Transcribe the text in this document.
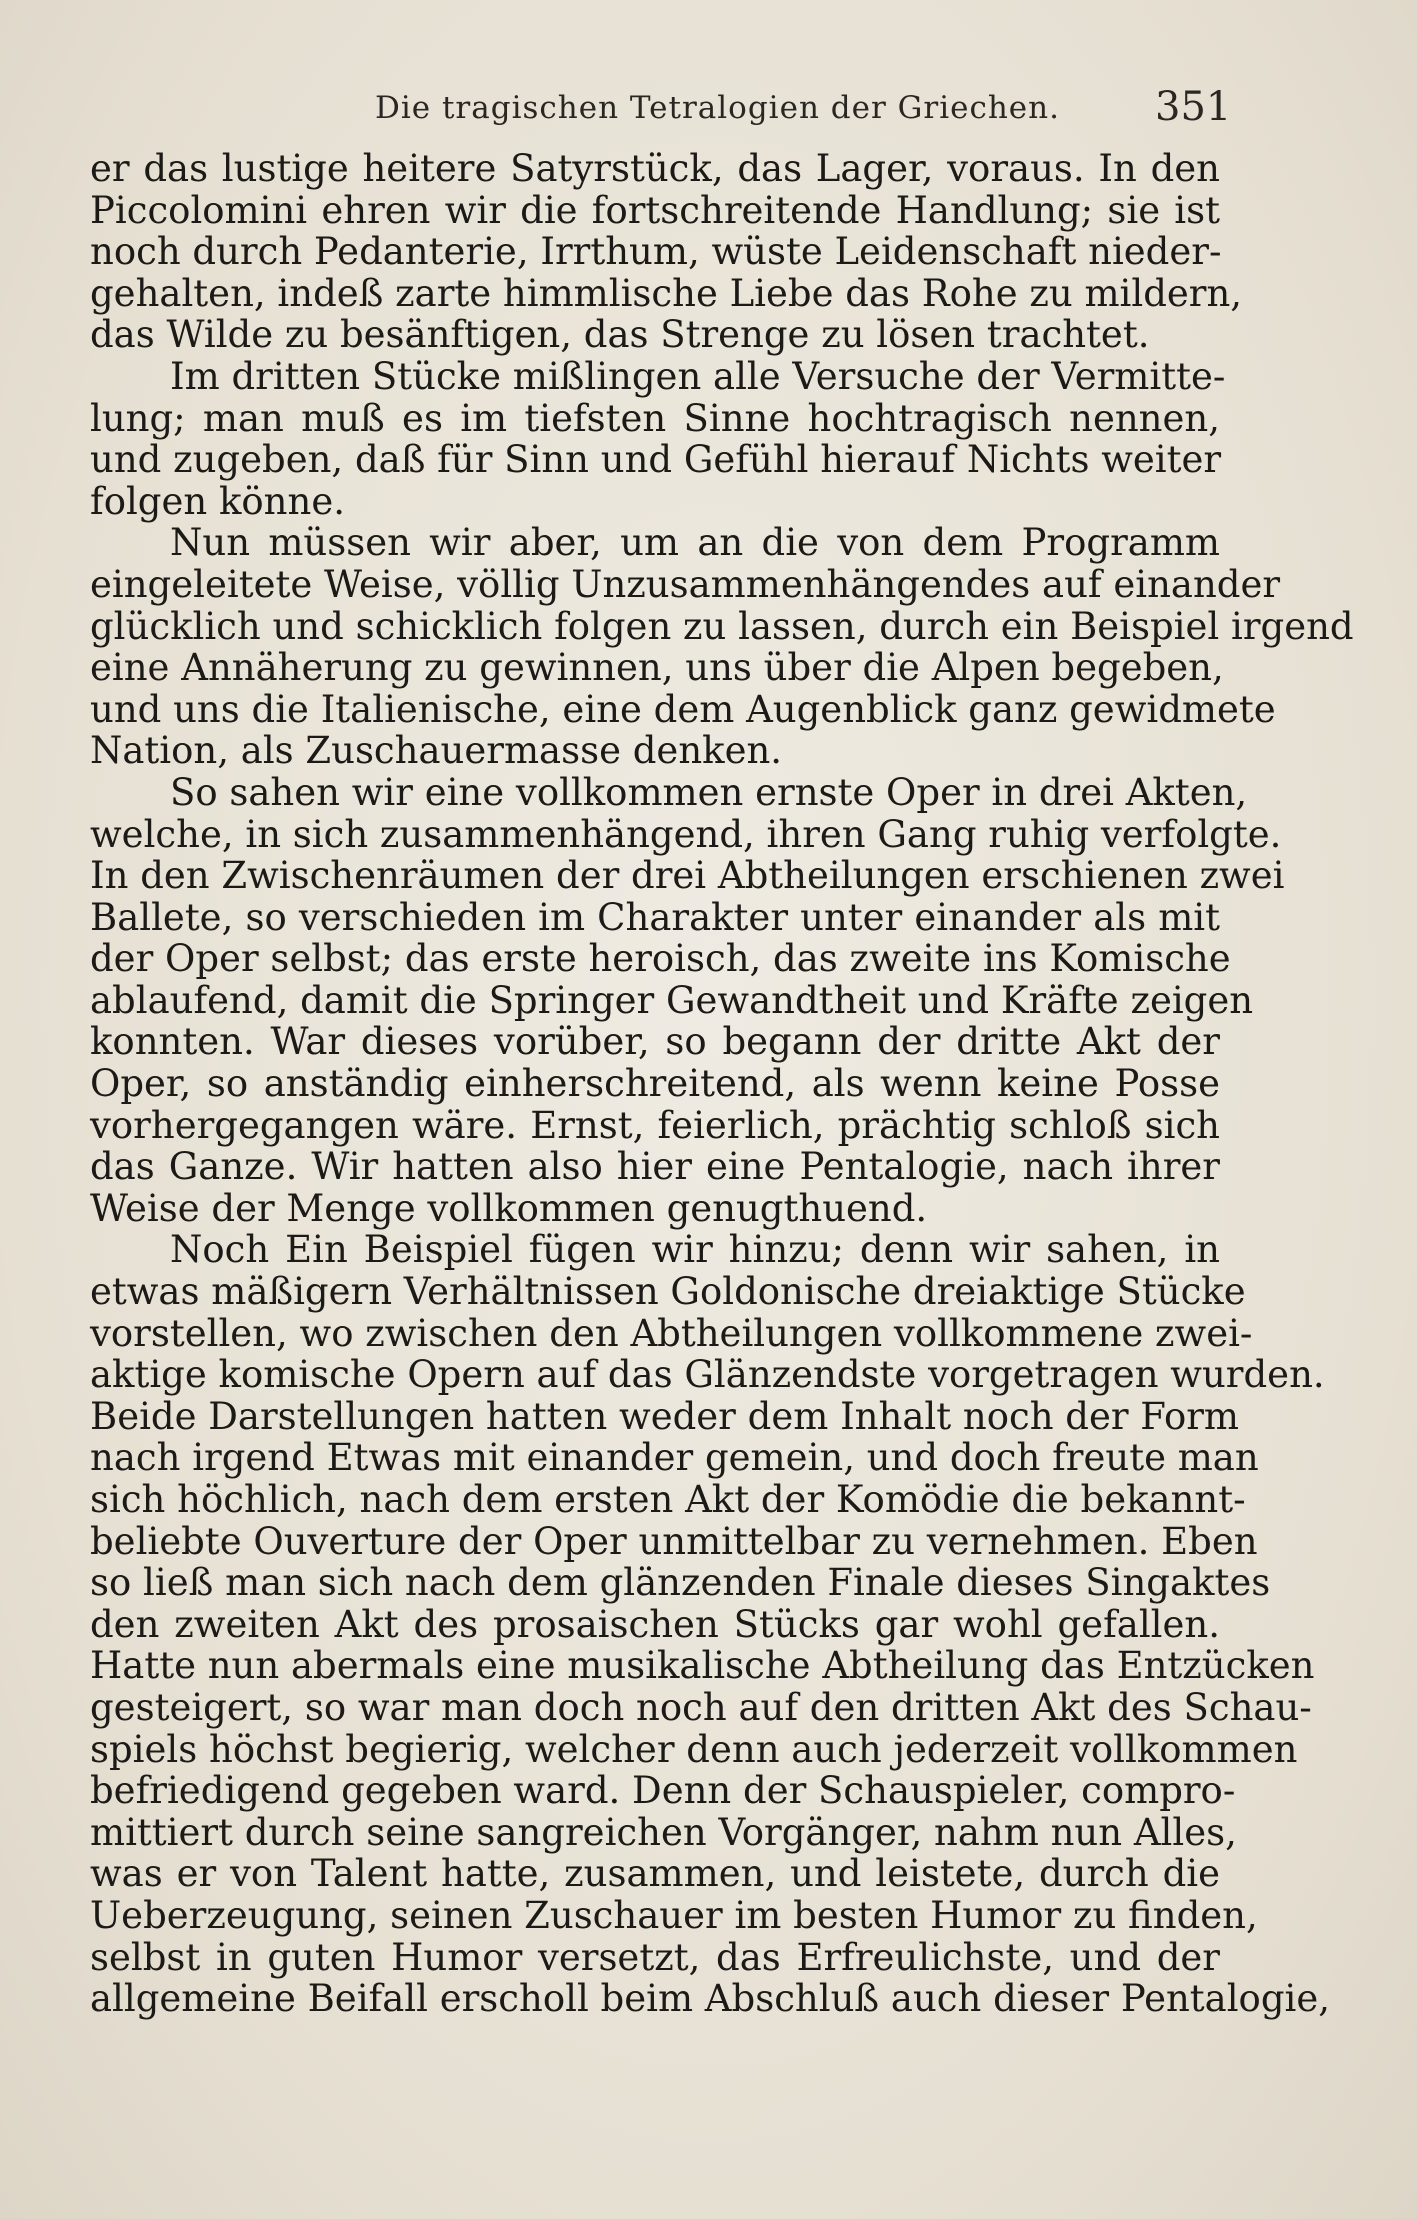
Die tragischen Tetralogien der Griechen. 351
er das lustige heitere Satyrstück, das Lager, voraus. In den
Piccolomini ehren wir die fortschreitende Handlung; sie ist
noch durch Pedanterie, Irrthum, wüste Leidenschaft nieder-
gehalten, indeß zarte himmlische Liebe das Rohe zu mildern,
das Wilde zu besänftigen, das Strenge zu lösen trachtet.
Im dritten Stücke mißlingen alle Versuche der Vermitte-
lung; man muß es im tiefsten Sinne hochtragisch nennen,
und zugeben, daß für Sinn und Gefühl hierauf Nichts weiter
folgen könne.
Nun müssen wir aber, um an die von dem Programm
eingeleitete Weise, völlig Unzusammenhängendes auf einander
glücklich und schicklich folgen zu lassen, durch ein Beispiel irgend
eine Annäherung zu gewinnen, uns über die Alpen begeben,
und uns die Italienische, eine dem Augenblick ganz gewidmete
Nation, als Zuschauermasse denken.
So sahen wir eine vollkommen ernste Oper in drei Akten,
welche, in sich zusammenhängend, ihren Gang ruhig verfolgte.
In den Zwischenräumen der drei Abtheilungen erschienen zwei
Ballete, so verschieden im Charakter unter einander als mit
der Oper selbst; das erste heroisch, das zweite ins Komische
ablaufend, damit die Springer Gewandtheit und Kräfte zeigen
konnten. War dieses vorüber, so begann der dritte Akt der
Oper, so anständig einherschreitend, als wenn keine Posse
vorhergegangen wäre. Ernst, feierlich, prächtig schloß sich
das Ganze. Wir hatten also hier eine Pentalogie, nach ihrer
Weise der Menge vollkommen genugthuend.
Noch Ein Beispiel fügen wir hinzu; denn wir sahen, in
etwas mäßigern Verhältnissen Goldonische dreiaktige Stücke
vorstellen, wo zwischen den Abtheilungen vollkommene zwei-
aktige komische Opern auf das Glänzendste vorgetragen wurden.
Beide Darstellungen hatten weder dem Inhalt noch der Form
nach irgend Etwas mit einander gemein, und doch freute man
sich höchlich, nach dem ersten Akt der Komödie die bekannt-
beliebte Ouverture der Oper unmittelbar zu vernehmen. Eben
so ließ man sich nach dem glänzenden Finale dieses Singaktes
den zweiten Akt des prosaischen Stücks gar wohl gefallen.
Hatte nun abermals eine musikalische Abtheilung das Entzücken
gesteigert, so war man doch noch auf den dritten Akt des Schau-
spiels höchst begierig, welcher denn auch jederzeit vollkommen
befriedigend gegeben ward. Denn der Schauspieler, compro-
mittiert durch seine sangreichen Vorgänger, nahm nun Alles,
was er von Talent hatte, zusammen, und leistete, durch die
Ueberzeugung, seinen Zuschauer im besten Humor zu finden,
selbst in guten Humor versetzt, das Erfreulichste, und der
allgemeine Beifall erscholl beim Abschluß auch dieser Pentalogie,
